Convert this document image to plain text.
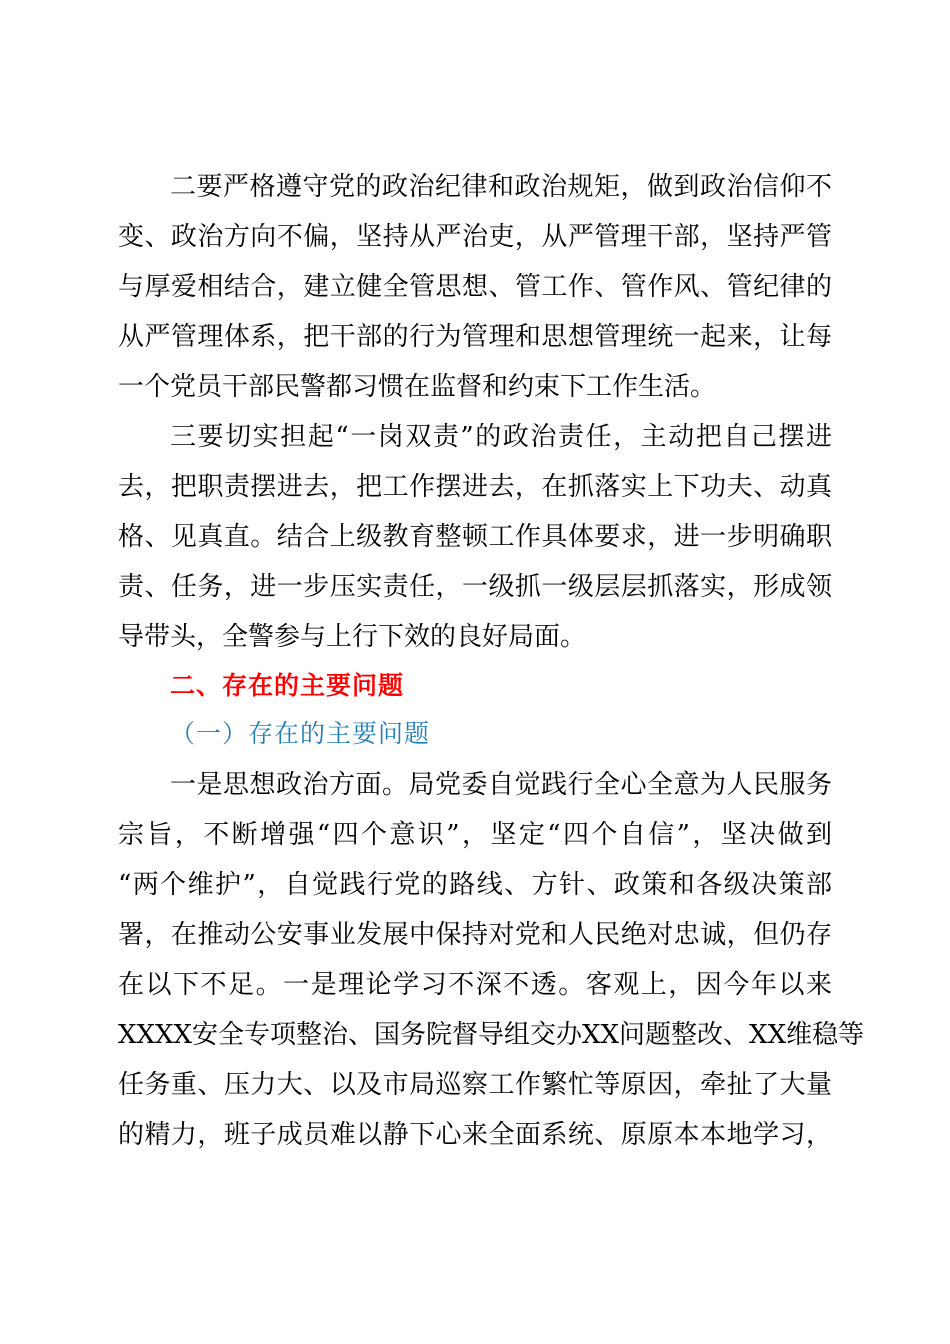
二要严格遵守党的政治纪律和政治规矩，做到政治信仰不
变、政治方向不偏，坚持从严治吏，从严管理干部，坚持严管
与厚爱相结合，建立健全管思想、管工作、管作风、管纪律的
从严管理体系，把干部的行为管理和思想管理统一起来，让每
一个党员干部民警都习惯在监督和约束下工作生活。
三要切实担起“一岗双责”的政治责任，主动把自己摆进
去，把职责摆进去，把工作摆进去，在抓落实上下功夫、动真
格、见真直。结合上级教育整顿工作具体要求，进一步明确职
责、任务，进一步压实责任，一级抓一级层层抓落实，形成领
导带头，全警参与上行下效的良好局面。
二、存在的主要问题
（一）存在的主要问题
一是思想政治方面。局党委自觉践行全心全意为人民服务
宗旨，不断增强“四个意识”，坚定“四个自信”，坚决做到
“两个维护”，自觉践行党的路线、方针、政策和各级决策部
署，在推动公安事业发展中保持对党和人民绝对忠诚，但仍存
在以下不足。一是理论学习不深不透。客观上，因今年以来
XXXX安全专项整治、国务院督导组交办XX问题整改、XX维稳等
任务重、压力大、以及市局巡察工作繁忙等原因，牵扯了大量
的精力，班子成员难以静下心来全面系统、原原本本地学习，
